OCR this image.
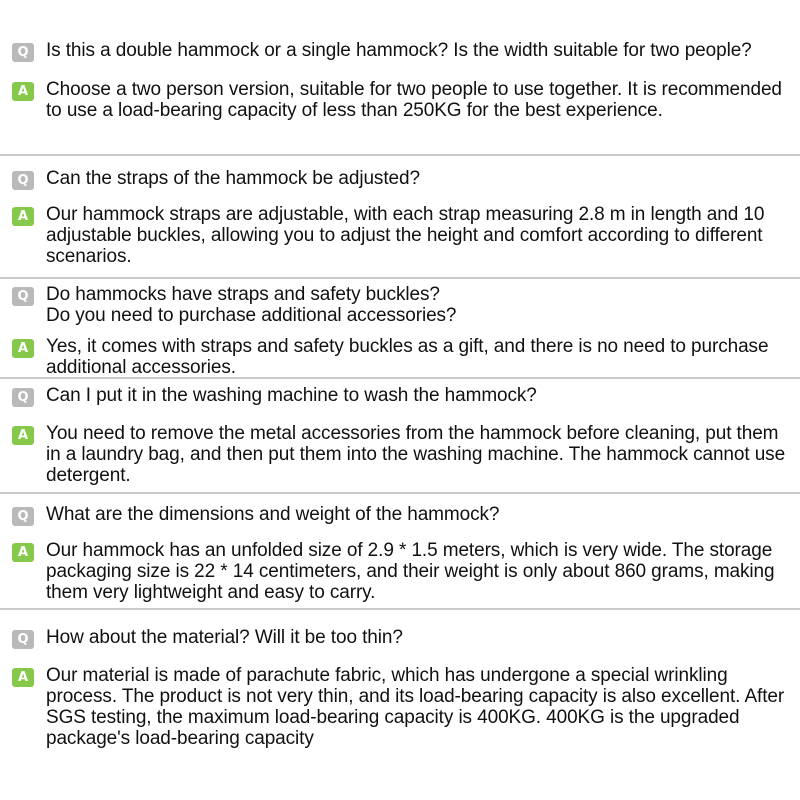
Q Is this a double hammock or a single hammock? Is the width suitable for two people?
A Choose a two person version, suitable for two people to use together. It is recommended to use a load-bearing capacity of less than 250KG for the best experience.
Q Can the straps of the hammock be adjusted?
A Our hammock straps are adjustable, with each strap measuring 2.8 m in length and 10 adjustable buckles, allowing you to adjust the height and comfort according to different scenarios.
Q Do hammocks have straps and safety buckles?
Do you need to purchase additional accessories?
A Yes, it comes with straps and safety buckles as a gift, and there is no need to purchase additional accessories.
Q Can I put it in the washing machine to wash the hammock?
A You need to remove the metal accessories from the hammock before cleaning, put them in a laundry bag, and then put them into the washing machine. The hammock cannot use detergent.
Q What are the dimensions and weight of the hammock?
A Our hammock has an unfolded size of 2.9 * 1.5 meters, which is very wide. The storage packaging size is 22 * 14 centimeters, and their weight is only about 860 grams, making them very lightweight and easy to carry.
Q How about the material? Will it be too thin?
A Our material is made of parachute fabric, which has undergone a special wrinkling process. The product is not very thin, and its load-bearing capacity is also excellent. After SGS testing, the maximum load-bearing capacity is 400KG. 400KG is the upgraded package's load-bearing capacity
